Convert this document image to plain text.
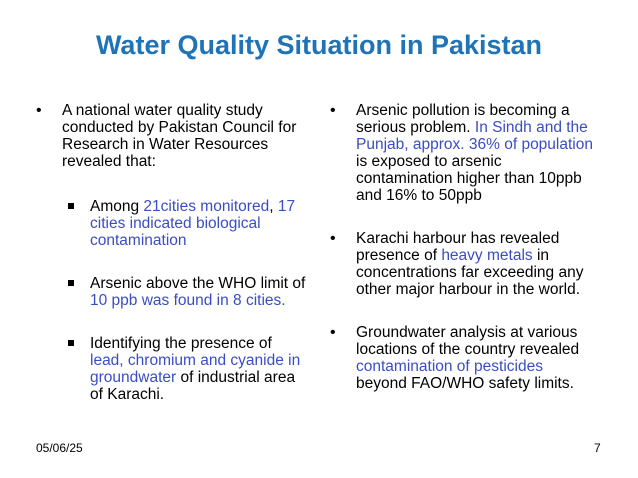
Water Quality Situation in Pakistan
• A national water quality study conducted by Pakistan Council for Research in Water Resources revealed that:
Among 21cities monitored, 17 cities indicated biological contamination
Arsenic above the WHO limit of 10 ppb was found in 8 cities.
Identifying the presence of lead, chromium and cyanide in groundwater of industrial area of Karachi.
• Arsenic pollution is becoming a serious problem. In Sindh and the Punjab, approx. 36% of population is exposed to arsenic contamination higher than 10ppb and 16% to 50ppb
• Karachi harbour has revealed presence of heavy metals in concentrations far exceeding any other major harbour in the world.
• Groundwater analysis at various locations of the country revealed contamination of pesticides beyond FAO/WHO safety limits.
05/06/25	7
